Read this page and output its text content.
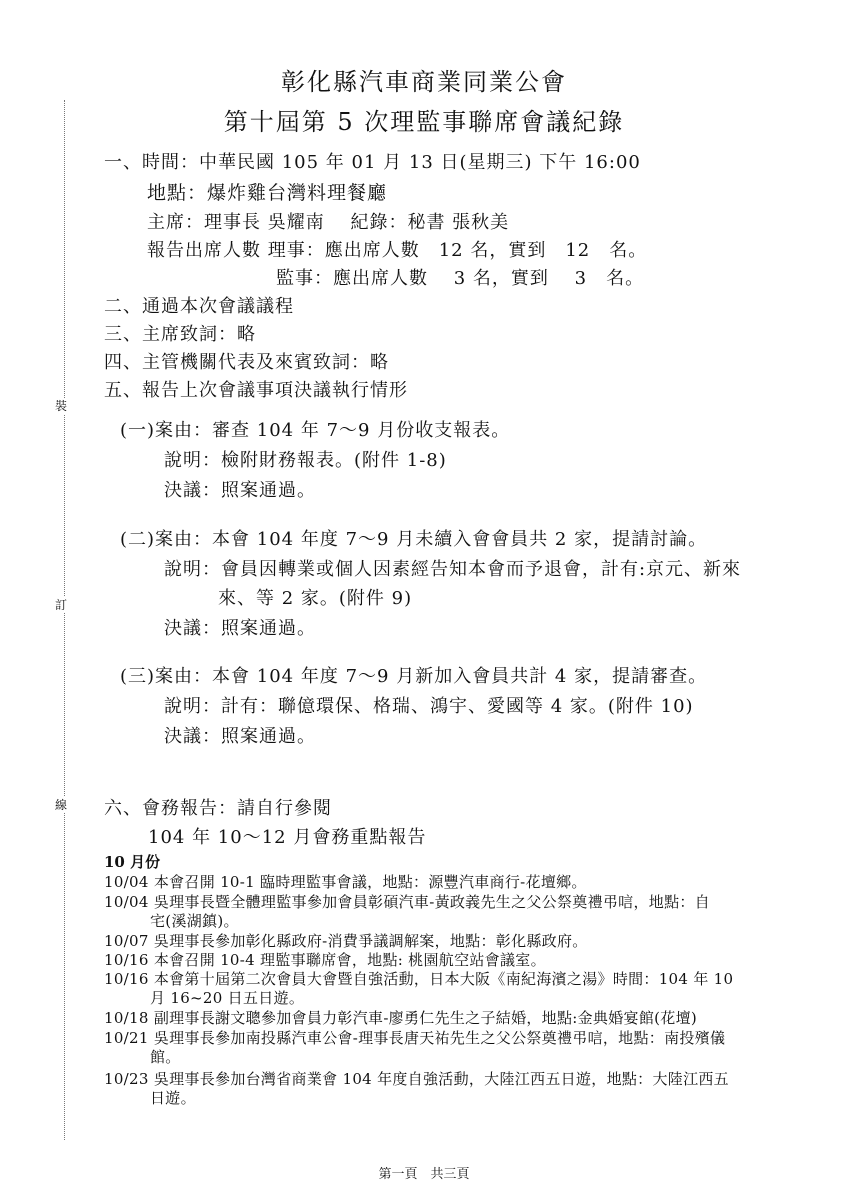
裝
訂
線
彰化縣汽車商業同業公會
第十屆第 5 次理監事聯席會議紀錄
一、時間：中華民國 105 年 01 月 13 日(星期三) 下午 16:00
地點：爆炸雞台灣料理餐廳
主席：理事長 吳耀南　 紀錄：秘書 張秋美
報告出席人數 理事：應出席人數　12 名，實到　12　名。
監事：應出席人數　 3 名，實到　 3　名。
二、通過本次會議議程
三、主席致詞：略
四、主管機關代表及來賓致詞：略
五、報告上次會議事項決議執行情形
(一)案由：審查 104 年 7～9 月份收支報表。
說明：檢附財務報表。(附件 1-8)
決議：照案通過。
(二)案由：本會 104 年度 7～9 月未續入會會員共 2 家，提請討論。
說明：會員因轉業或個人因素經告知本會而予退會，計有:京元、新來
來、等 2 家。(附件 9)
決議：照案通過。
(三)案由：本會 104 年度 7～9 月新加入會員共計 4 家，提請審查。
說明：計有：聯億環保、格瑞、鴻宇、愛國等 4 家。(附件 10)
決議：照案通過。
六、會務報告：請自行參閱
104 年 10～12 月會務重點報告
10 月份
10/04 本會召開 10-1 臨時理監事會議，地點：源豐汽車商行-花壇鄉。
10/04 吳理事長暨全體理監事參加會員彰碩汽車-黃政義先生之父公祭奠禮弔唁，地點：自
宅(溪湖鎮)。
10/07 吳理事長參加彰化縣政府-消費爭議調解案，地點：彰化縣政府。
10/16 本會召開 10-4 理監事聯席會，地點: 桃園航空站會議室。
10/16 本會第十屆第二次會員大會暨自強活動，日本大阪《南紀海濱之湯》時間：104 年 10
月 16~20 日五日遊。
10/18 副理事長謝文聰參加會員力彰汽車-廖勇仁先生之子結婚，地點:金典婚宴館(花壇)
10/21 吳理事長參加南投縣汽車公會-理事長唐天祐先生之父公祭奠禮弔唁，地點：南投殯儀
館。
10/23 吳理事長參加台灣省商業會 104 年度自強活動，大陸江西五日遊，地點：大陸江西五
日遊。
第一頁　共三頁
